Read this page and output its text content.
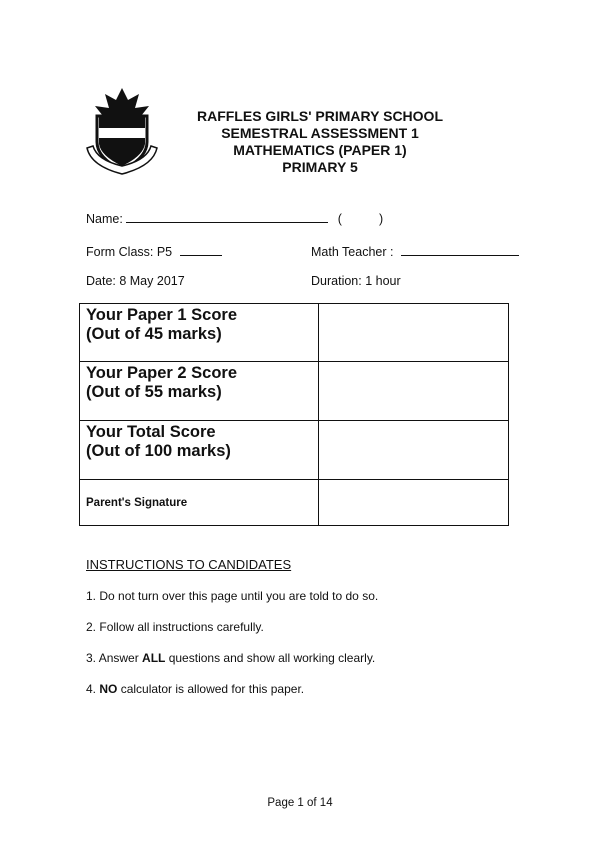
RAFFLES GIRLS' PRIMARY SCHOOL
SEMESTRAL ASSESSMENT 1
MATHEMATICS (PAPER 1)
PRIMARY 5
Name:	(	)
Form Class: P5	Math Teacher :
Date: 8 May 2017	Duration: 1 hour
Your Paper 1 Score
(Out of 45 marks)	

Your Paper 2 Score
(Out of 55 marks)	

Your Total Score
(Out of 100 marks)	

Parent's Signature	
INSTRUCTIONS TO CANDIDATES
1. Do not turn over this page until you are told to do so.
2. Follow all instructions carefully.
3. Answer ALL questions and show all working clearly.
4. NO calculator is allowed for this paper.
Page 1 of 14
